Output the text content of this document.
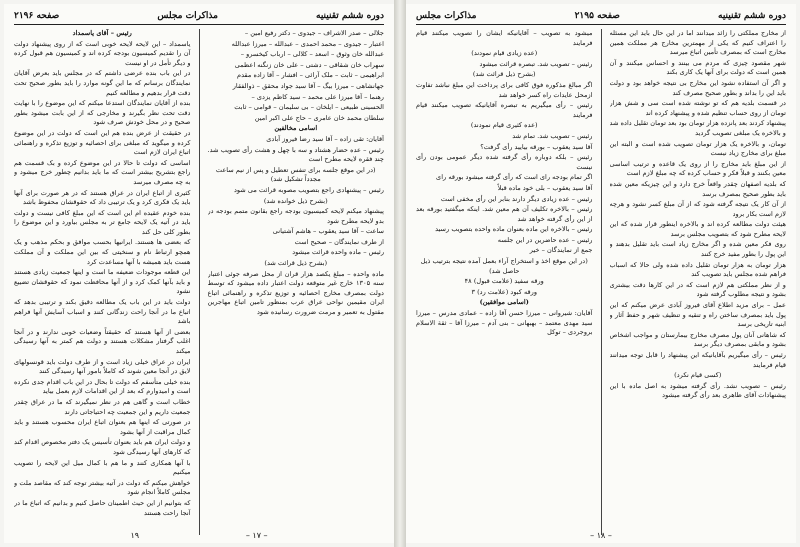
دوره ششم تقنینیه
مذاکرات مجلس
صفحه ۲۱۹۶

جلالی – صدر الاشراف – جیدوی – دکتر رفیع امین –

اعتبار – جیدوی – محمد احمدی – عبدالله – میرزا عبدالله

عبدالله خان وثوق – اسعد – کلالی – ارباب کیخسرو –

سهراب خان شقاقی – دشتی – علی خان زنگنه اعظمی

ابراهیمی – ثابت – ملک آرائی – افشار – آقا زاده مقدم

جهانشاهی – میرزا بیگ – آقا سید جواد محقق – ذوالفقار

رهنما – آقا میرزا علی محمد – سید کاظم یزدی –

الحسینی طبیعی – ایلخان – بی سلیمان – قوامی – ثابت

سلطان محمد خان عامری – حاج علی اکبر امین

اسامی مخالفین

آقایان: تقی زاده – آقا سید رضا فیروز آبادی

رئیس – عده حضار هشتاد و سه با چهل و هشت رأی تصویب شد. چند فقره لایحه مطرح است

(در این موقع جلسه برای تنفس تعطیل و پس از نیم ساعت مجدداً تشکیل شد)

رئیس – پیشنهادی راجع بتصویب مصوبه قرائت می شود

(بشرح ذیل خوانده شد)

پیشنهاد میکنم لایحه کمیسیون بودجه راجع بقانون متمم بودجه در بدو لایحه مطرح شود

ساعت – آقا سید یعقوب – هاشم آشتیانی

از طرف نمایندگان – صحیح است

رئیس – ماده واحده قرائت میشود

(بشرح ذیل قرائت شد)

ماده واحده – مبلغ یکصد هزار قران از محل صرفه جوئی اعتبار سنه ۱۳۰۵ خارج غیر متوقعه دولت اعتبار داده میشود که توسط دولت بمصرف مخارج احصائیه و توزیع تذکره و راهنمائی اتباع ایران مقیمین نواحی عراق عرب بمنظور تامین اتباع مهاجرین مقتول به تعمیر و مرمت ضرورت رسانیده شود

رئیس – آقای یاسمداد

یاسمداد – این لایحه لایحه خوبی است که از روی پیشنهاد دولت آن را تقدیم کمیسیون بودجه کرده اند و کمیسیون هم قبول کرده و دیگر تأمل در او نیست

در این باب بنده عرضی داشتم که در مجلس باید بعرض آقایان نمایندگان برسانم که ما این گونه موارد را باید بطور صحیح تحت دقت قرار بدهیم و مطالعه کنیم

بنده از آقایان نمایندگان استدعا میکنم که این موضوع را با نهایت دقت تحت نظر بگیرند و مخارجی که از این بابت میشود بطور صحیح و در محل خودش صرف شود

در حقیقت از عرض بنده هم این است که دولت در این موضوع کرده و میگوید که مبلغی برای احصائیه و توزیع تذکره و راهنمائی اتباع ایران لازم است

اساسی که دولت تا حالا در این موضوع کرده و بک قسمت هم راجع بتشریح بیشتر است که ما باید بدانیم چطور خرج میشود و به چه مصرف میرسد

کثیری از اتباع ایران در عراق هستند که در هر صورت برای آنها باید یک فکری کرد و یک ترتیبی داد که حقوقشان محفوظ باشد

بنده خودم عقیده ام این است که این مبلغ کافی نیست و دولت باید در آتیه یک لایحه جامع تر به مجلس بیاورد و این موضوع را بطور کلی حل کند

که بعضی ها هستند. ایرانیها بحسب موافق و بحکم مذهب و یک همچو ارتباط نام و سنخیتی که بین این مملکت و آن مملکت هست باید همیشه با آنها مساعدت کرد

این قطعه موجودات ضعیفه ما است و اینها جمعیت زیادی هستند و باید بآنها کمک کرد و از آنها محافظت نمود که حقوقشان تضییع نشود

دولت باید در این باب یک مطالعه دقیق بکند و ترتیبی بدهد که اتباع ما در آنجا راحت زندگانی کنند و اسباب آسایش آنها فراهم باشد

بعضی از آنها هستند که حقیقتاً وضعیات خوبی ندارند و در آنجا اغلب گرفتار مشکلات هستند و دولت هم کمتر به آنها رسیدگی میکند

ایران در عراق خیلی زیاد است و از طرف دولت باید قونسولهای لایق در آنجا معین شوند که کاملاً بامور آنها رسیدگی کنند

بنده خیلی متأسفم که دولت تا بحال در این باب اقدام جدی نکرده است و امیدوارم که بعد از این اقدامات لازم بعمل بیاید

خطاب است و گاهی هم در نظر نمیگیرند که ما در عراق چقدر جمعیت داریم و این جمعیت چه احتیاجاتی دارند

در صورتی که اینها هم بعنوان اتباع ایران محسوب هستند و باید کمال مراقبت از آنها بشود

و دولت ایران هم باید بعنوان تأسیس یک دفتر مخصوص اقدام کند که کارهای آنها رسیدگی شود

با آنها همکاری کنند و ما هم با کمال میل این لایحه را تصویب میکنیم

خواهش میکنم که دولت در آتیه بیشتر توجه کند که مقاصد ملت و مجلس کاملاً انجام شود

که بتوانیم از این حیث اطمینان حاصل کنیم و بدانیم که اتباع ما در آنجا راحت هستند

۱۹	– ۱۷ –
دوره ششم تقنینیه
صفحه ۲۱۹۵
مذاکرات مجلس

از مخارج مملکتی را زائد میدانند اما در این حال باید این مسئله را اعتراف کنیم که یکی از مهمترین مخارج هر مملکت همین مخارج است که بمصرف تأمین اتباع میرسد

شهر مقصود چیزی که مردم می بینند و احساس میکنند و آن همین است که دولت برای آنها یک کاری بکند

و اگر آن استفاده نشود این مخارج بی نتیجه خواهد بود و دولت باید این را بداند و بطور صحیح مصرف کند

در قسمت بلدیه هم که تو نوشته شده است سی و شش هزار تومان از روی حساب تنظیم شده و پیشنهاد کرده اند

پیشنهاد کردند بعد پانزده هزار تومان بود بعد تومان تقلیل داده شد و بالاخره یک مبلغی تصویب گردید

تومان، و بالاخره یک هزار تومان تصویب شده است و البته این مبلغ برای مخارج زیاد نیست

از این مبلغ باید مخارج را از روی یک قاعده و ترتیب اساسی معین بکنند و قبلاً فکر و حساب کرده که چه مبلغ لازم است

که بلدیه اصفهان چقدر واقعاً خرج دارد و این چیزیکه معین شده باید بطور صحیح بمصرف برسد

از آن کار یک نتیجه گرفته شود که از آن مبلغ کسر نشود و هرچه لازم است بکار برود

هیئت دولت مطالعه کرده اند و بالاخره اینطور قرار شده که این لایحه مطرح شود که بتصویب مجلس برسد

روی فکر معین شده و اگر مخارج زیاد است باید تقلیل بدهند و این پول را بطور مفید خرج کنند

هزار تومان به هزار تومان تقلیل داده شده ولی حالا که اسباب فراهم شده مجلس باید تصویب کند

و از نظر مملکتی هم لازم است که در این کارها دقت بیشتری بشود و نتیجه مطلوب گرفته شود

عمل – برای مزید اطلاع آقای فیروز آبادی عرض میکنم که این پول باید بمصرف ساختن راه و تنقیه و تنظیف شهر و حفظ آثار و ابنیه تاریخی برسد

که شاهانی آنان پول مصرف مخارج بیمارستان و مواجب اشخاص بشود و مابقی بمصرف دیگر برسد

رئیس – رأی میگیریم بآقایانیکه این پیشنهاد را قابل توجه میدانند قیام فرمایند

(کسی قیام نکرد)

رئیس – تصویب نشد. رأی گرفته میشود به اصل ماده با این پیشنهادات آقای ظاهری بعد رأی گرفته میشود

میشود به تصویب – آقایانیکه ایشان را تصویب میکنند قیام فرمایند

(عده زیادی قیام نمودند)

رئیس – تصویب شد. تبصره قرائت میشود

(بشرح ذیل قرائت شد)

اگر مبالغ مذکوره فوق کافی برای پرداخت این مبلغ نباشد تفاوت ازمحل عایدات راه کسر خواهد شد

رئیس – رأی میگیریم به تبصره آقایانیکه تصویب میکنند قیام فرمایند

(عده کثیری قیام نمودند)

رئیس – تصویب شد. تمام شد

آقا سید یعقوب – بورقه بیایید رأی گرفت؟

رئیس – بلکه دوباره رأی گرفته شده دیگر عمومی بودن رأی نیست

اگر تمام بودجه رای است که رأی گرفته میشود بورقه رای

آقا سید یعقوب – بلی خود ماده قبلاً

رئیس – عده زیادی دیگر دارند بنابر این رأی مخفی است

رئیس – بالاخره تکلیف آن هم معین شد. اینکه میگفتید بورقه بعد از این رأی گرفته خواهد شد

رئیس – بالاخره این ماده بعنوان ماده واحده بتصویب رسید

رئیس – عده حاضرین در این جلسه

جمع از نمایندگان – خیر

(در این موقع اخذ و استخراج آراء بعمل آمده نتیجه بترتیب ذیل حاصل شد)

ورقه سفید (علامت قبول) ۴۸

ورقه کبود (علامت رد) ۳

(اسامی موافقین)

آقایان: شیروانی – میرزا حسن آقا زاده – عمادی مدرس – میرزا سید مهدی معتمد – بهبهانی – بنی آدم – میرزا آقا – ثقة الاسلام بروجردی – توکل

– ۱۸ –
